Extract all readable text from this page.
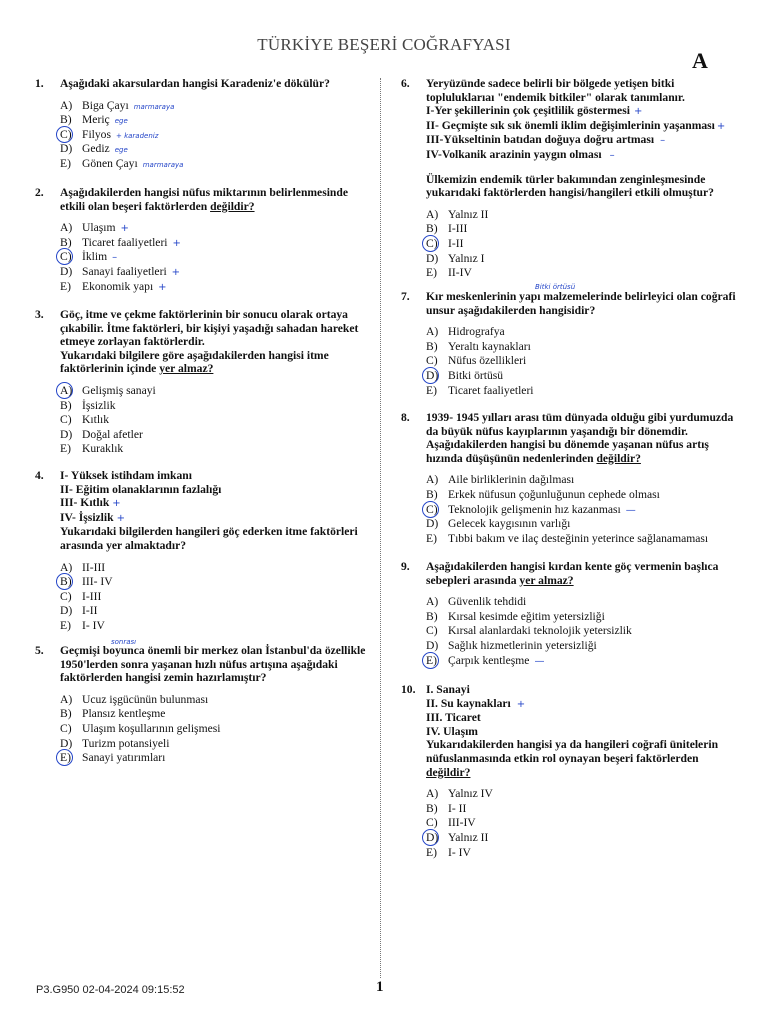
TÜRKİYE BEŞERİ COĞRAFYASI
A
1. Aşağıdaki akarsulardan hangisi Karadeniz'e dökülür?
A) Biga Çayı marmaraya
B) Meriç ege
C) Filyos + karadeniz
D) Gediz ege
E) Gönen Çayı marmaraya
2. Aşağıdakilerden hangisi nüfus miktarının belirlenmesinde etkili olan beşeri faktörlerden değildir?
A) Ulaşım +
B) Ticaret faaliyetleri +
C) İklim –
D) Sanayi faaliyetleri +
E) Ekonomik yapı +
3. Göç, itme ve çekme faktörlerinin bir sonucu olarak ortaya çıkabilir. İtme faktörleri, bir kişiyi yaşadığı sahadan hareket etmeye zorlayan faktörlerdir.
Yukarıdaki bilgilere göre aşağıdakilerden hangisi itme faktörlerinin içinde yer almaz?
A) Gelişmiş sanayi
B) İşsizlik
C) Kıtlık
D) Doğal afetler
E) Kuraklık
4. I- Yüksek istihdam imkanı
II- Eğitim olanaklarının fazlalığı
III- Kıtlık +
IV- İşsizlik +
Yukarıdaki bilgilerden hangileri göç ederken itme faktörleri arasında yer almaktadır?
A) II-III
B) III- IV
C) I-III
D) I-II
E) I- IV
5.
sonrası
Geçmişi boyunca önemli bir merkez olan İstanbul'da özellikle 1950'lerden sonra yaşanan hızlı nüfus artışına aşağıdaki faktörlerden hangisi zemin hazırlamıştır?
A) Ucuz işgücünün bulunması
B) Plansız kentleşme
C) Ulaşım koşullarının gelişmesi
D) Turizm potansiyeli
E) Sanayi yatırımları
6. Yeryüzünde sadece belirli bir bölgede yetişen bitki topluluklarıaı "endemik bitkiler" olarak tanımlanır.
I-Yer şekillerinin çok çeşitlilik göstermesi +
II- Geçmişte sık sık önemli iklim değişimlerinin yaşanması +
III-Yükseltinin batıdan doğuya doğru artması –
IV-Volkanik arazinin yaygın olması –
Ülkemizin endemik türler bakımından zenginleşmesinde yukarıdaki faktörlerden hangisi/hangileri etkili olmuştur?
A) Yalnız II
B) I-III
C) I-II
D) Yalnız I
E) II-IV
7.
Bitki örtüsü
Kır meskenlerinin yapı malzemelerinde belirleyici olan coğrafi unsur aşağıdakilerden hangisidir?
A) Hidrografya
B) Yeraltı kaynakları
C) Nüfus özellikleri
D) Bitki örtüsü
E) Ticaret faaliyetleri
8. 1939- 1945 yılları arası tüm dünyada olduğu gibi yurdumuzda da büyük nüfus kayıplarının yaşandığı bir dönemdir. Aşağıdakilerden hangisi bu dönemde yaşanan nüfus artış hızında düşüşünün nedenlerinden değildir?
A) Aile birliklerinin dağılması
B) Erkek nüfusun çoğunluğunun cephede olması
C) Teknolojik gelişmenin hız kazanması —
D) Gelecek kaygısının varlığı
E) Tıbbi bakım ve ilaç desteğinin yeterince sağlanamaması
9. Aşağıdakilerden hangisi kırdan kente göç vermenin başlıca sebepleri arasında yer almaz?
A) Güvenlik tehdidi
B) Kırsal kesimde eğitim yetersizliği
C) Kırsal alanlardaki teknolojik yetersizlik
D) Sağlık hizmetlerinin yetersizliği
E) Çarpık kentleşme —
10. I. Sanayi
II. Su kaynakları +
III. Ticaret
IV. Ulaşım
Yukarıdakilerden hangisi ya da hangileri coğrafi ünitelerin nüfuslanmasında etkin rol oynayan beşeri faktörlerden değildir?
A) Yalnız IV
B) I- II
C) III-IV
D) Yalnız II
E) I- IV
P3.G950 02-04-2024 09:15:52	1
